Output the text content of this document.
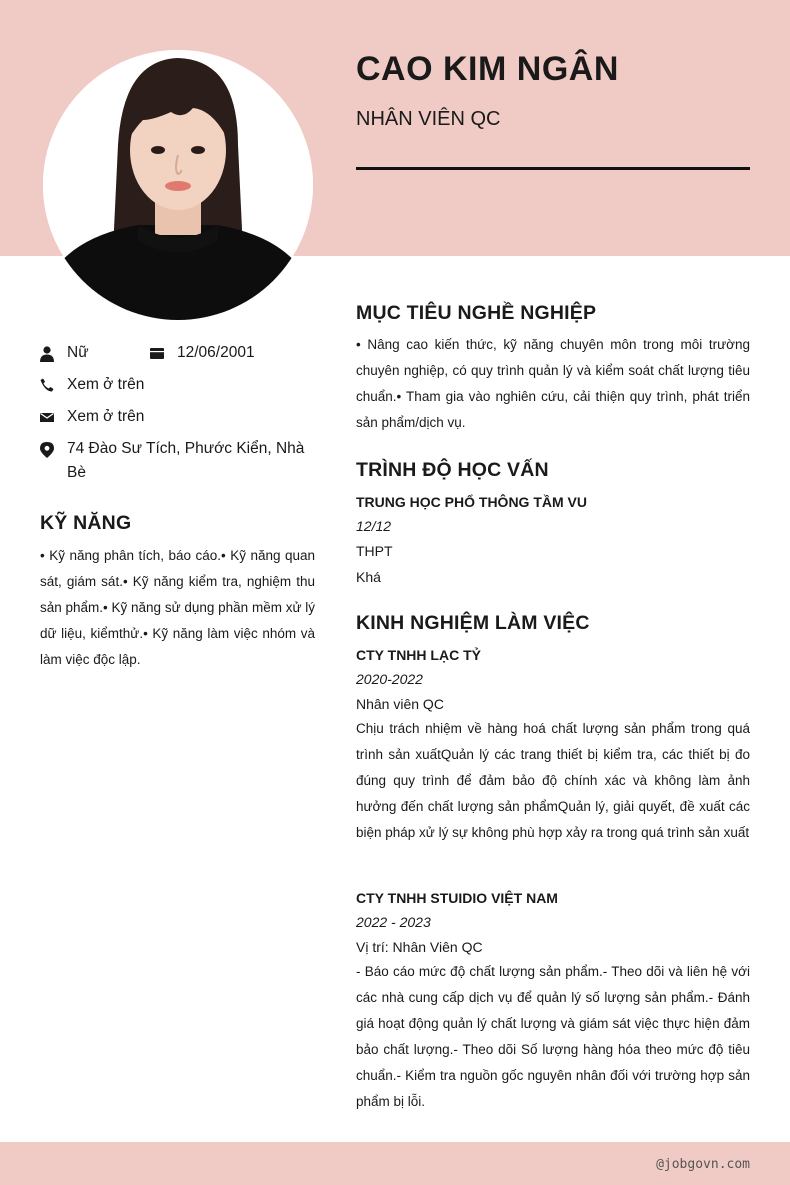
CAO KIM NGÂN
NHÂN VIÊN QC
Nữ	12/06/2001
Xem ở trên
Xem ở trên
74 Đào Sư Tích, Phước Kiển, Nhà Bè
KỸ NĂNG

• Kỹ năng phân tích, báo cáo.• Kỹ năng quan sát, giám sát.• Kỹ năng kiểm tra, nghiệm thu sản phẩm.• Kỹ năng sử dụng phần mềm xử lý dữ liệu, kiểmthử.• Kỹ năng làm việc nhóm và làm việc độc lập.

MỤC TIÊU NGHỀ NGHIỆP

• Nâng cao kiến thức, kỹ năng chuyên môn trong môi trường chuyên nghiệp, có quy trình quản lý và kiểm soát chất lượng tiêu chuẩn.• Tham gia vào nghiên cứu, cải thiện quy trình, phát triển sản phẩm/dịch vụ.

TRÌNH ĐỘ HỌC VẤN
TRUNG HỌC PHỔ THÔNG TẦM VU
12/12
THPT
Khá
KINH NGHIỆM LÀM VIỆC
CTY TNHH LẠC TỶ
2020-2022
Nhân viên QC

Chịu trách nhiệm về hàng hoá chất lượng sản phẩm trong quá trình sản xuấtQuản lý các trang thiết bị kiểm tra, các thiết bị đo đúng quy trình để đảm bảo độ chính xác và không làm ảnh hưởng đến chất lượng sản phẩmQuản lý, giải quyết, đề xuất các biện pháp xử lý sự không phù hợp xảy ra trong quá trình sản xuất

CTY TNHH STUIDIO VIỆT NAM
2022 - 2023
Vị trí: Nhân Viên QC

- Báo cáo mức độ chất lượng sản phẩm.- Theo dõi và liên hệ với các nhà cung cấp dịch vụ để quản lý số lượng sản phẩm.- Đánh giá hoạt động quản lý chất lượng và giám sát việc thực hiện đảm bảo chất lượng.- Theo dõi Số lượng hàng hóa theo mức độ tiêu chuẩn.- Kiểm tra nguồn gốc nguyên nhân đối với trường hợp sản phẩm bị lỗi.

@jobgovn.com
